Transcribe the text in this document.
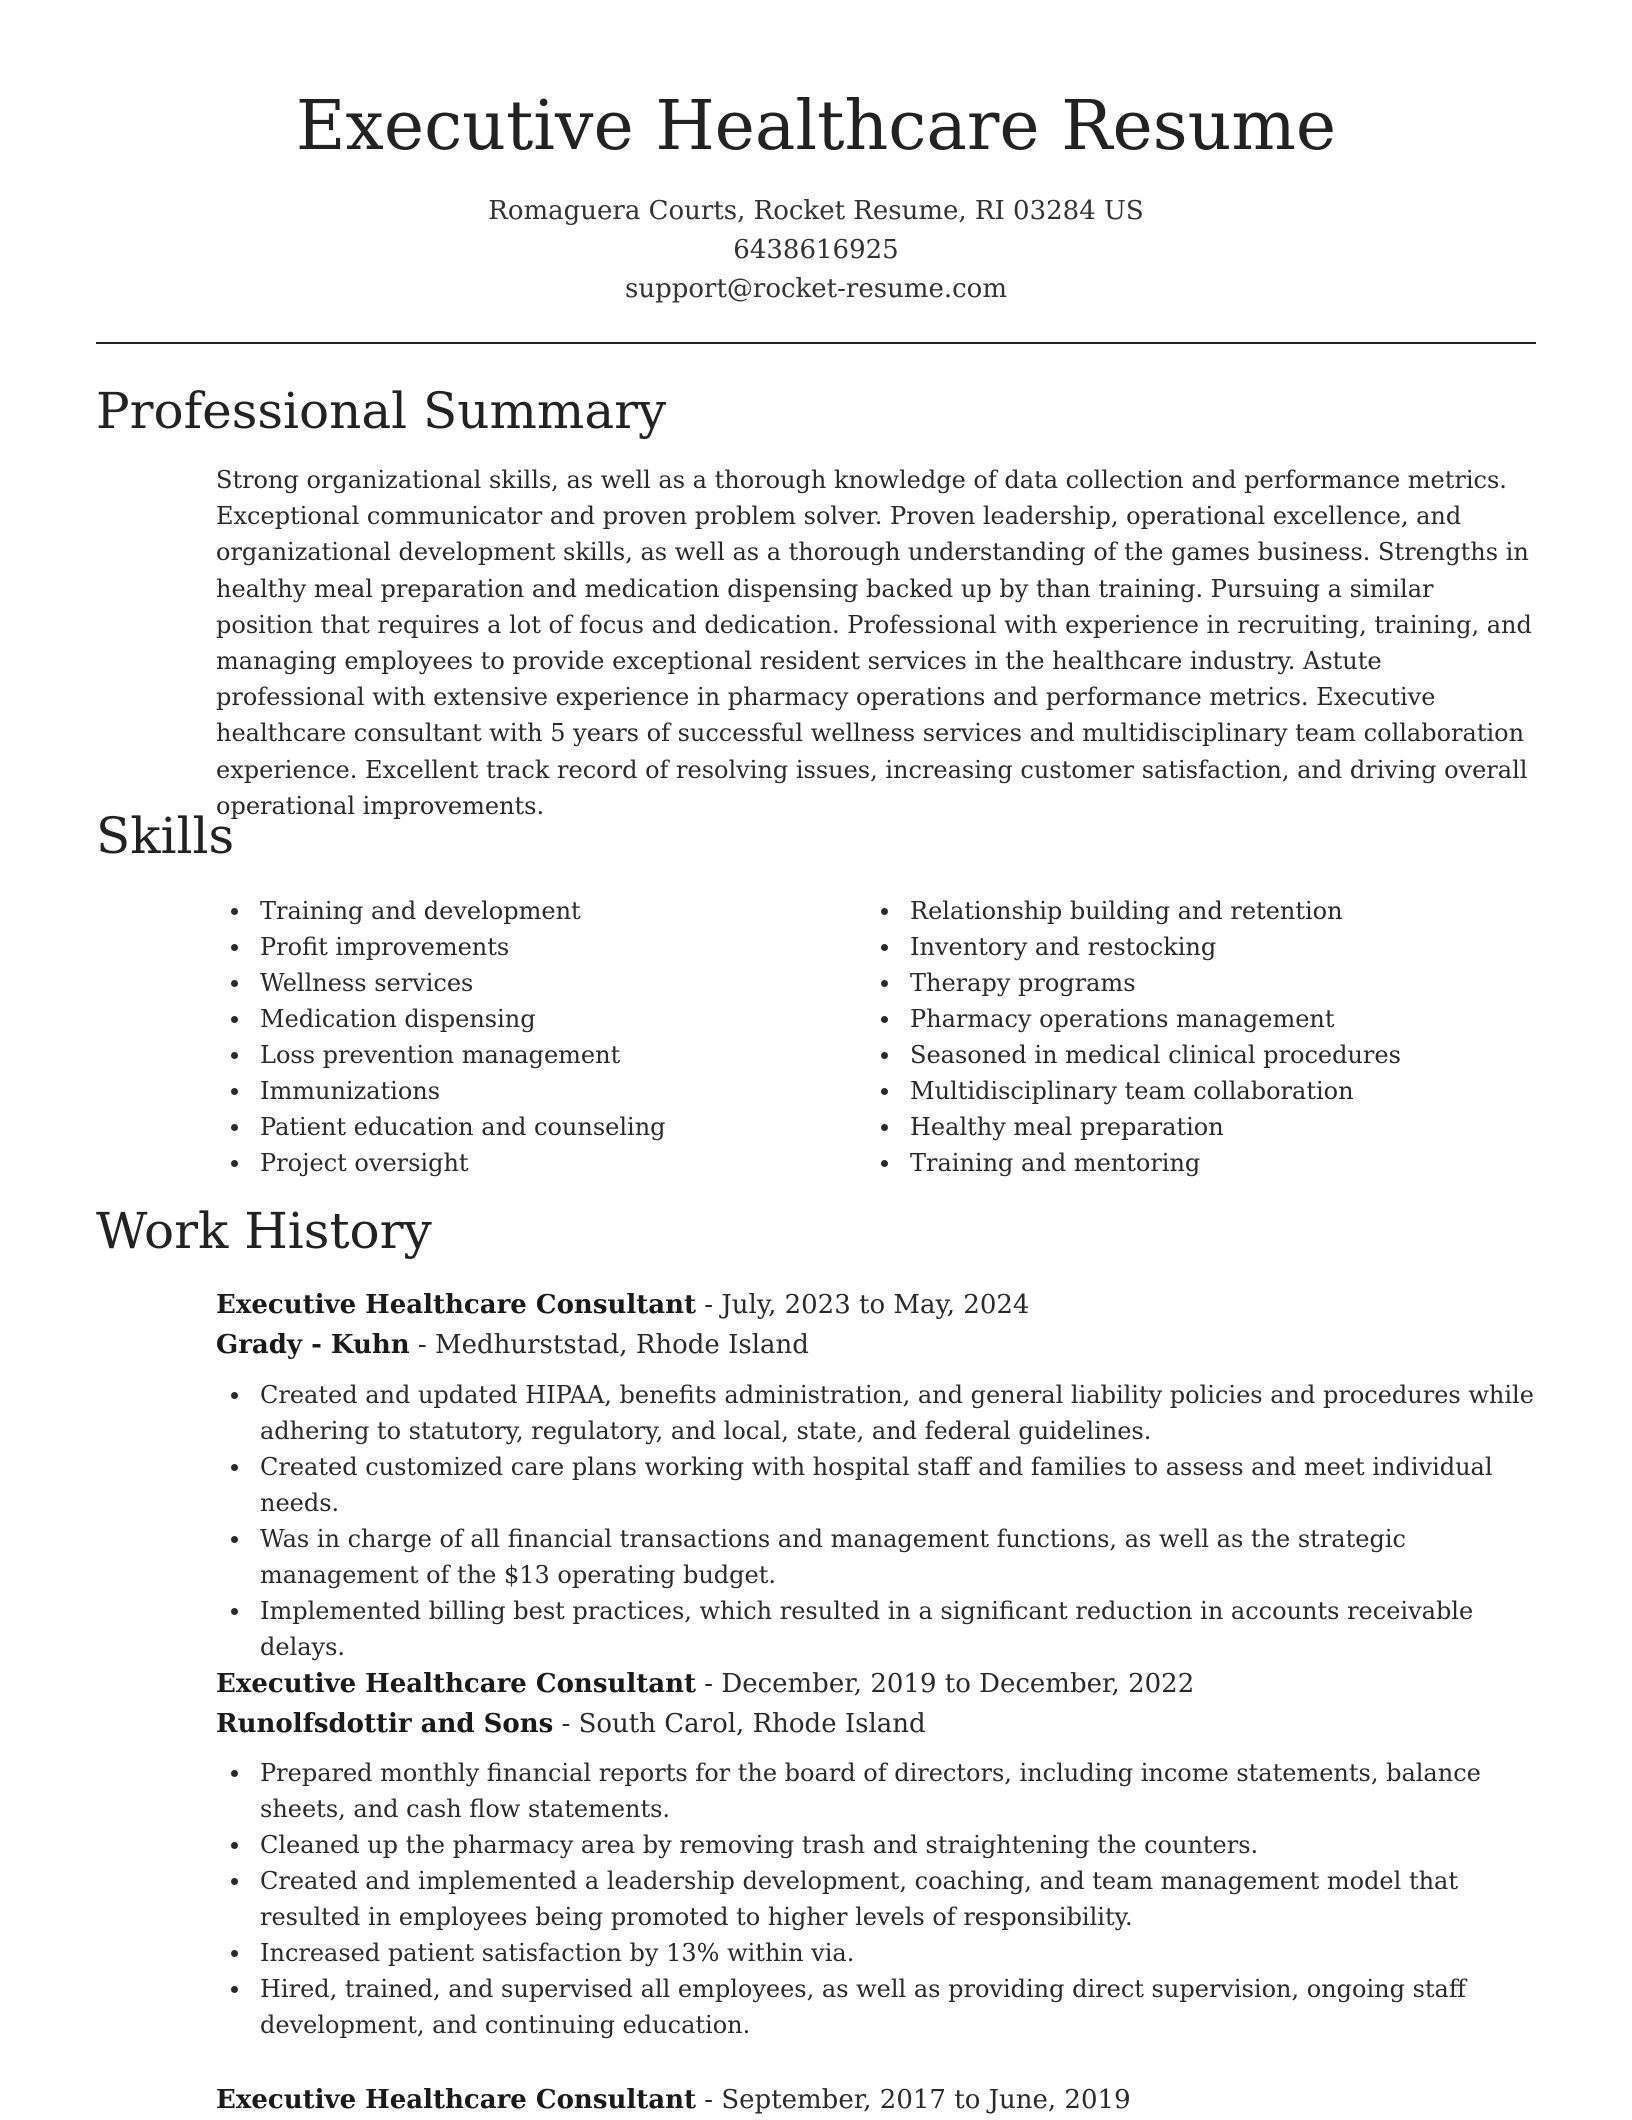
Executive Healthcare Resume
Romaguera Courts, Rocket Resume, RI 03284 US
6438616925
support@rocket-resume.com
Professional Summary

Strong organizational skills, as well as a thorough knowledge of data collection and performance metrics. Exceptional communicator and proven problem solver. Proven leadership, operational excellence, and organizational development skills, as well as a thorough understanding of the games business. Strengths in healthy meal preparation and medication dispensing backed up by than training. Pursuing a similar position that requires a lot of focus and dedication. Professional with experience in recruiting, training, and managing employees to provide exceptional resident services in the healthcare industry. Astute professional with extensive experience in pharmacy operations and performance metrics. Executive healthcare consultant with 5 years of successful wellness services and multidisciplinary team collaboration experience. Excellent track record of resolving issues, increasing customer satisfaction, and driving overall operational improvements.

Skills
Training and development
Profit improvements
Wellness services
Medication dispensing
Loss prevention management
Immunizations
Patient education and counseling
Project oversight
Relationship building and retention
Inventory and restocking
Therapy programs
Pharmacy operations management
Seasoned in medical clinical procedures
Multidisciplinary team collaboration
Healthy meal preparation
Training and mentoring
Work History
Executive Healthcare Consultant - July, 2023 to May, 2024
Grady - Kuhn - Medhurststad, Rhode Island
Created and updated HIPAA, benefits administration, and general liability policies and procedures while adhering to statutory, regulatory, and local, state, and federal guidelines.
Created customized care plans working with hospital staff and families to assess and meet individual needs.
Was in charge of all financial transactions and management functions, as well as the strategic management of the $13 operating budget.
Implemented billing best practices, which resulted in a significant reduction in accounts receivable delays.
Executive Healthcare Consultant - December, 2019 to December, 2022
Runolfsdottir and Sons - South Carol, Rhode Island
Prepared monthly financial reports for the board of directors, including income statements, balance sheets, and cash flow statements.
Cleaned up the pharmacy area by removing trash and straightening the counters.
Created and implemented a leadership development, coaching, and team management model that resulted in employees being promoted to higher levels of responsibility.
Increased patient satisfaction by 13% within via.
Hired, trained, and supervised all employees, as well as providing direct supervision, ongoing staff development, and continuing education.
Executive Healthcare Consultant - September, 2017 to June, 2019
